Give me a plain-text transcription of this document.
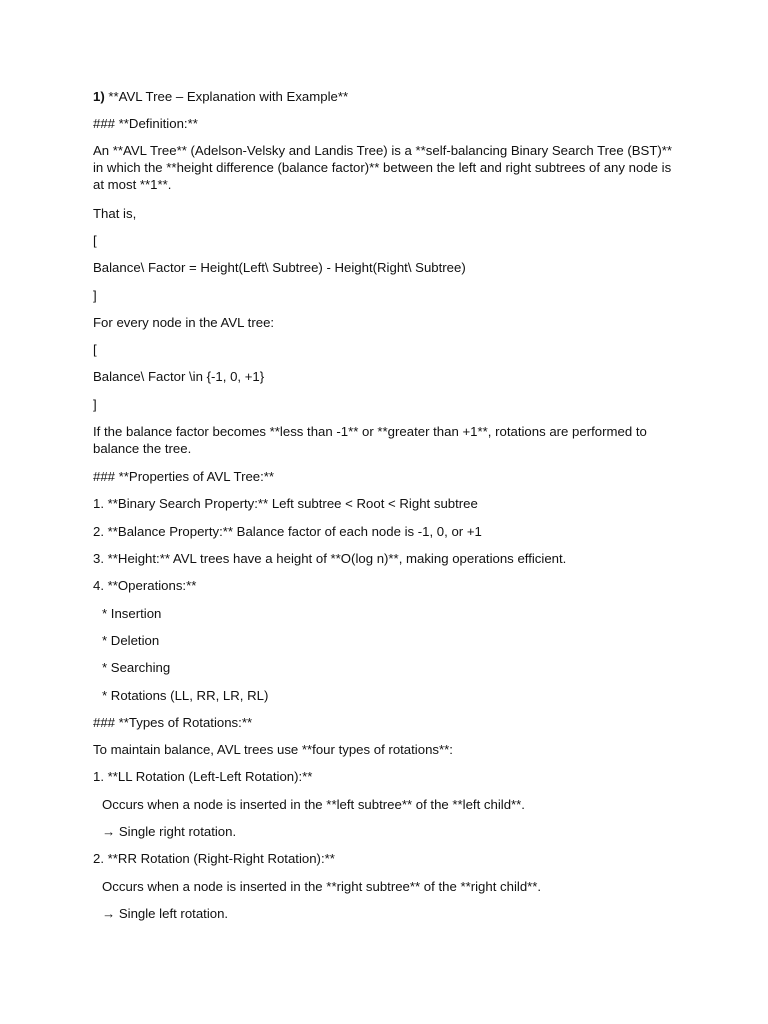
1) **AVL Tree – Explanation with Example**
### **Definition:**
An **AVL Tree** (Adelson-Velsky and Landis Tree) is a **self-balancing Binary Search Tree (BST)** in which the **height difference (balance factor)** between the left and right subtrees of any node is at most **1**.
That is,
[
Balance\ Factor = Height(Left\ Subtree) - Height(Right\ Subtree)
]
For every node in the AVL tree:
[
Balance\ Factor \in {-1, 0, +1}
]
If the balance factor becomes **less than -1** or **greater than +1**, rotations are performed to balance the tree.
### **Properties of AVL Tree:**
1. **Binary Search Property:** Left subtree < Root < Right subtree
2. **Balance Property:** Balance factor of each node is -1, 0, or +1
3. **Height:** AVL trees have a height of **O(log n)**, making operations efficient.
4. **Operations:**
* Insertion
* Deletion
* Searching
* Rotations (LL, RR, LR, RL)
### **Types of Rotations:**
To maintain balance, AVL trees use **four types of rotations**:
1. **LL Rotation (Left-Left Rotation):**
Occurs when a node is inserted in the **left subtree** of the **left child**.
→ Single right rotation.
2. **RR Rotation (Right-Right Rotation):**
Occurs when a node is inserted in the **right subtree** of the **right child**.
→ Single left rotation.
